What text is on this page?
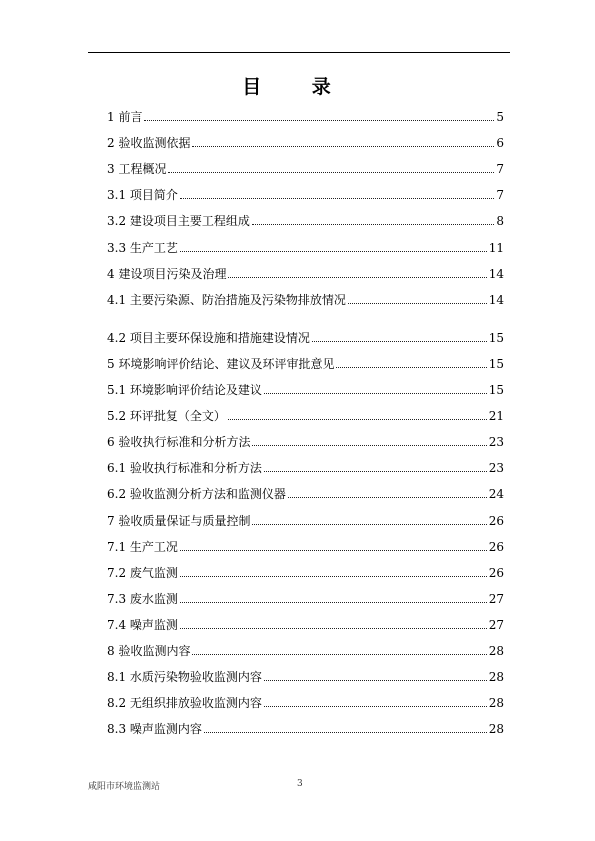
目 录
1 前言	5
2 验收监测依据	6
3 工程概况	7
3.1 项目简介	7
3.2 建设项目主要工程组成	8
3.3 生产工艺	11
4 建设项目污染及治理	14
4.1 主要污染源、防治措施及污染物排放情况	14
4.2 项目主要环保设施和措施建设情况	15
5 环境影响评价结论、建议及环评审批意见	15
5.1 环境影响评价结论及建议	15
5.2 环评批复（全文）	21
6 验收执行标准和分析方法	23
6.1 验收执行标准和分析方法	23
6.2 验收监测分析方法和监测仪器	24
7 验收质量保证与质量控制	26
7.1 生产工况	26
7.2 废气监测	26
7.3 废水监测	27
7.4 噪声监测	27
8 验收监测内容	28
8.1 水质污染物验收监测内容	28
8.2 无组织排放验收监测内容	28
8.3 噪声监测内容	28
咸阳市环境监测站	3
